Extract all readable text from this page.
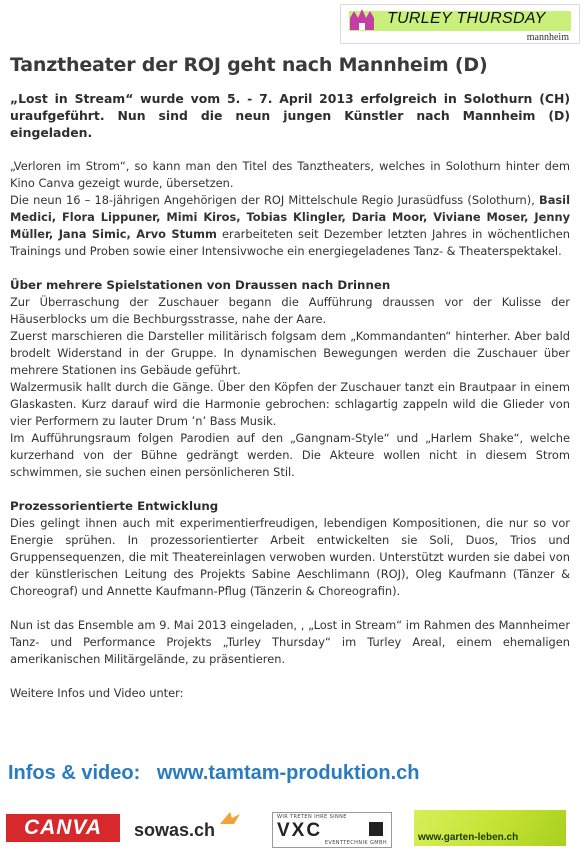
TURLEY THURSDAY
mannheim
Tanztheater der ROJ geht nach Mannheim (D)

„Lost in Stream“ wurde vom 5. - 7. April 2013 erfolgreich in Solothurn (CH) uraufgeführt. Nun sind die neun jungen Künstler nach Mannheim (D) eingeladen.

„Verloren im Strom“, so kann man den Titel des Tanztheaters, welches in Solothurn hinter dem Kino Canva gezeigt wurde, übersetzen.

Die neun 16 – 18-jährigen Angehörigen der ROJ Mittelschule Regio Jurasüdfuss (Solothurn), Basil Medici, Flora Lippuner, Mimi Kiros, Tobias Klingler, Daria Moor, Viviane Moser, Jenny Müller, Jana Simic, Arvo Stumm erarbeiteten seit Dezember letzten Jahres in wöchentlichen Trainings und Proben sowie einer Intensivwoche ein energiegeladenes Tanz- & Theaterspektakel.

Über mehrere Spielstationen von Draussen nach Drinnen

Zur Überraschung der Zuschauer begann die Aufführung draussen vor der Kulisse der Häuserblocks um die Bechburgsstrasse, nahe der Aare.

Zuerst marschieren die Darsteller militärisch folgsam dem „Kommandanten“ hinterher. Aber bald brodelt Widerstand in der Gruppe. In dynamischen Bewegungen werden die Zuschauer über mehrere Stationen ins Gebäude geführt.

Walzermusik hallt durch die Gänge. Über den Köpfen der Zuschauer tanzt ein Brautpaar in einem Glaskasten. Kurz darauf wird die Harmonie gebrochen: schlagartig zappeln wild die Glieder von vier Performern zu lauter Drum ’n’ Bass Musik.

Im Aufführungsraum folgen Parodien auf den „Gangnam-Style“ und „Harlem Shake“, welche kurzerhand von der Bühne gedrängt werden. Die Akteure wollen nicht in diesem Strom schwimmen, sie suchen einen persönlicheren Stil.

Prozessorientierte Entwicklung

Dies gelingt ihnen auch mit experimentierfreudigen, lebendigen Kompositionen, die nur so vor Energie sprühen. In prozessorientierter Arbeit entwickelten sie Soli, Duos, Trios und Gruppensequenzen, die mit Theatereinlagen verwoben wurden. Unterstützt wurden sie dabei von der künstlerischen Leitung des Projekts Sabine Aeschlimann (ROJ), Oleg Kaufmann (Tänzer & Choreograf) und Annette Kaufmann-Pflug (Tänzerin & Choreografin).

Nun ist das Ensemble am 9. Mai 2013 eingeladen, , „Lost in Stream“ im Rahmen des Mannheimer Tanz- und Performance Projekts „Turley Thursday“ im Turley Areal, einem ehemaligen amerikanischen Militärgelände, zu präsentieren.

Weitere Infos und Video unter:

Infos & video: www.tamtam-produktion.ch
CANVA	sowas.ch
WIR TRETEN IHRE SINNE
VXC
EVENTTECHNIK GMBH	www.garten-leben.ch
